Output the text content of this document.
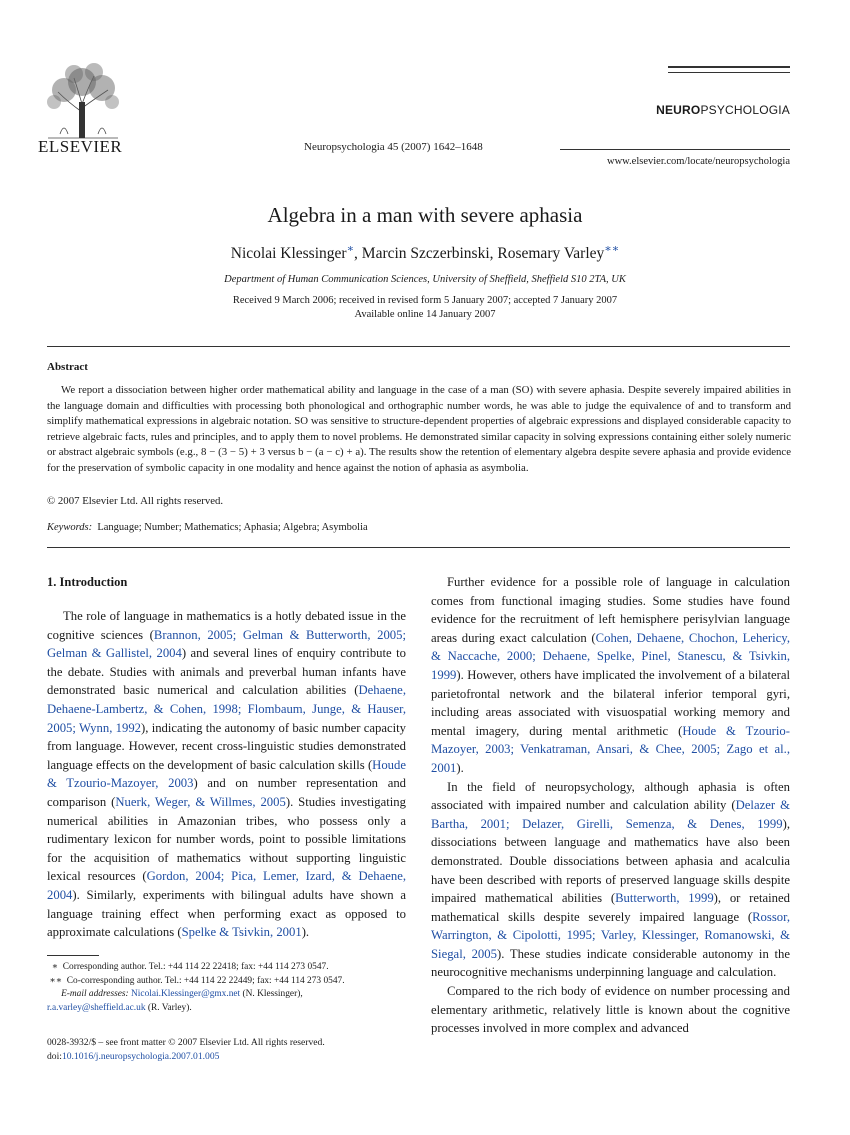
ELSEVIER	Neuropsychologia 45 (2007) 1642–1648
NEUROPSYCHOLOGIA
www.elsevier.com/locate/neuropsychologia
Algebra in a man with severe aphasia
Nicolai Klessinger∗, Marcin Szczerbinski, Rosemary Varley∗∗
Department of Human Communication Sciences, University of Sheffield, Sheffield S10 2TA, UK
Received 9 March 2006; received in revised form 5 January 2007; accepted 7 January 2007
Available online 14 January 2007
Abstract

We report a dissociation between higher order mathematical ability and language in the case of a man (SO) with severe aphasia. Despite severely impaired abilities in the language domain and difficulties with processing both phonological and orthographic number words, he was able to judge the equivalence of and to transform and simplify mathematical expressions in algebraic notation. SO was sensitive to structure-dependent properties of algebraic expressions and displayed considerable capacity to retrieve algebraic facts, rules and principles, and to apply them to novel problems. He demonstrated similar capacity in solving expressions containing either solely numeric or abstract algebraic symbols (e.g., 8 − (3 − 5) + 3 versus b − (a − c) + a). The results show the retention of elementary algebra despite severe aphasia and provide evidence for the preservation of symbolic capacity in one modality and hence against the notion of aphasia as asymbolia.

© 2007 Elsevier Ltd. All rights reserved.
Keywords: Language; Number; Mathematics; Aphasia; Algebra; Asymbolia
1. Introduction

The role of language in mathematics is a hotly debated issue in the cognitive sciences (Brannon, 2005; Gelman & Butterworth, 2005; Gelman & Gallistel, 2004) and several lines of enquiry contribute to the debate. Studies with animals and preverbal human infants have demonstrated basic numerical and calculation abilities (Dehaene, Dehaene-Lambertz, & Cohen, 1998; Flombaum, Junge, & Hauser, 2005; Wynn, 1992), indicating the autonomy of basic number capacity from language. However, recent cross-linguistic studies demonstrated language effects on the development of basic calculation skills (Houde & Tzourio-Mazoyer, 2003) and on number representation and comparison (Nuerk, Weger, & Willmes, 2005). Studies investigating numerical abilities in Amazonian tribes, who possess only a rudimentary lexicon for number words, point to possible limitations for the acquisition of mathematics without supporting linguistic lexical resources (Gordon, 2004; Pica, Lemer, Izard, & Dehaene, 2004). Similarly, experiments with bilingual adults have shown a language training effect when performing exact as opposed to approximate calculations (Spelke & Tsivkin, 2001).

Further evidence for a possible role of language in calculation comes from functional imaging studies. Some studies have found evidence for the recruitment of left hemisphere perisylvian language areas during exact calculation (Cohen, Dehaene, Chochon, Lehericy, & Naccache, 2000; Dehaene, Spelke, Pinel, Stanescu, & Tsivkin, 1999). However, others have implicated the involvement of a bilateral parietofrontal network and the bilateral inferior temporal gyri, including areas associated with visuospatial working memory and mental imagery, during mental arithmetic (Houde & Tzourio-Mazoyer, 2003; Venkatraman, Ansari, & Chee, 2005; Zago et al., 2001).

In the field of neuropsychology, although aphasia is often associated with impaired number and calculation ability (Delazer & Bartha, 2001; Delazer, Girelli, Semenza, & Denes, 1999), dissociations between language and mathematics have also been demonstrated. Double dissociations between aphasia and acalculia have been described with reports of preserved language skills despite impaired mathematical abilities (Butterworth, 1999), or retained mathematical skills despite severely impaired language (Rossor, Warrington, & Cipolotti, 1995; Varley, Klessinger, Romanowski, & Siegal, 2005). These studies indicate considerable autonomy in the neurocognitive mechanisms underpinning language and calculation.

Compared to the rich body of evidence on number processing and elementary arithmetic, relatively little is known about the cognitive processes involved in more complex and advanced

∗ Corresponding author. Tel.: +44 114 22 22418; fax: +44 114 273 0547.
∗∗ Co-corresponding author. Tel.: +44 114 22 22449; fax: +44 114 273 0547.
E-mail addresses: Nicolai.Klessinger@gmx.net (N. Klessinger),
r.a.varley@sheffield.ac.uk (R. Varley).
0028-3932/$ – see front matter © 2007 Elsevier Ltd. All rights reserved.
doi:10.1016/j.neuropsychologia.2007.01.005
